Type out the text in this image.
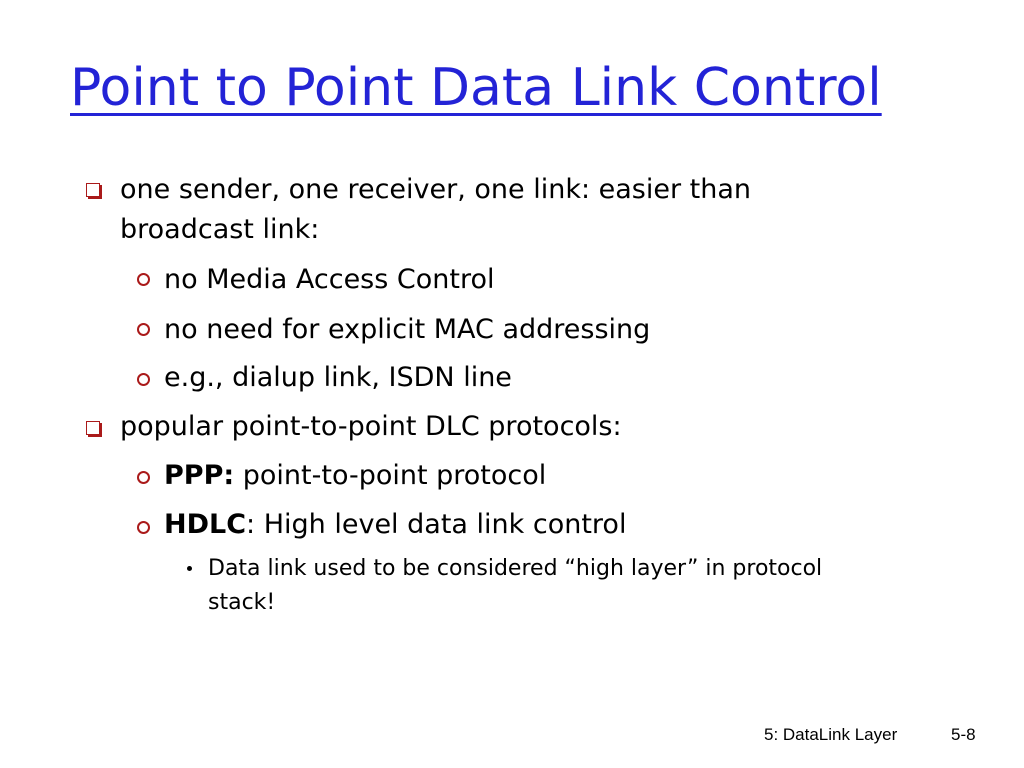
Point to Point Data Link Control
one sender, one receiver, one link: easier than
broadcast link:
no Media Access Control
no need for explicit MAC addressing
e.g., dialup link, ISDN line
popular point-to-point DLC protocols:
PPP: point-to-point protocol
HDLC: High level data link control
Data link used to be considered “high layer” in protocol
stack!
5: DataLink Layer	5-8
